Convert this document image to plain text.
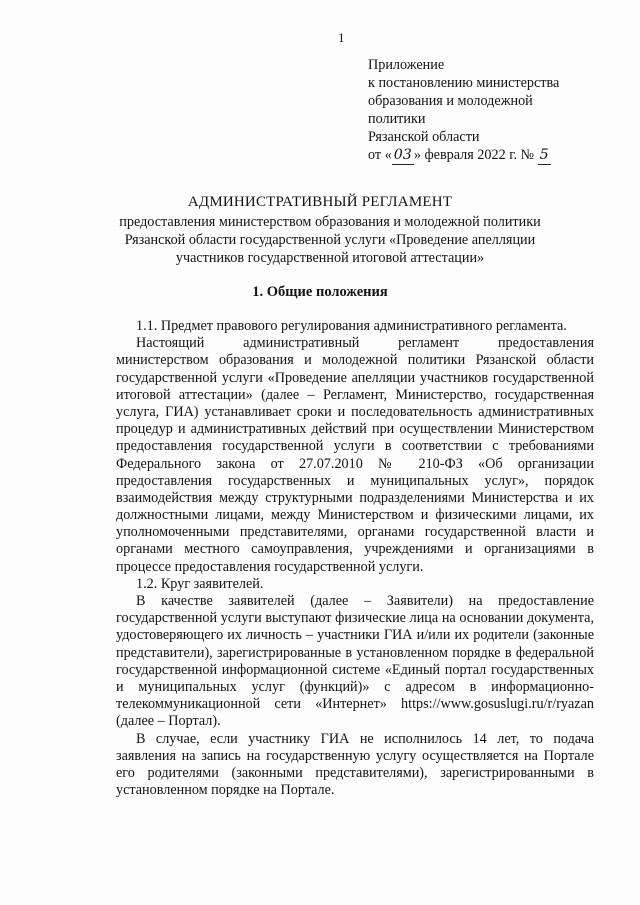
1
Приложение
к постановлению министерства
образования и молодежной
политики
Рязанской области
от « 03 » февраля 2022 г. № 5
АДМИНИСТРАТИВНЫЙ РЕГЛАМЕНТ
предоставления министерством образования и молодежной политики
Рязанской области государственной услуги «Проведение апелляции
участников государственной итоговой аттестации»
1. Общие положения
1.1. Предмет правового регулирования административного регламента.
Настоящий административный регламент предоставления
министерством образования и молодежной политики Рязанской области
государственной услуги «Проведение апелляции участников государственной
итоговой аттестации» (далее – Регламент, Министерство, государственная
услуга, ГИА) устанавливает сроки и последовательность административных
процедур и административных действий при осуществлении Министерством
предоставления государственной услуги в соответствии с требованиями
Федерального закона от 27.07.2010 № 210-ФЗ «Об организации
предоставления государственных и муниципальных услуг», порядок
взаимодействия между структурными подразделениями Министерства и их
должностными лицами, между Министерством и физическими лицами, их
уполномоченными представителями, органами государственной власти и
органами местного самоуправления, учреждениями и организациями в
процессе предоставления государственной услуги.
1.2. Круг заявителей.
В качестве заявителей (далее – Заявители) на предоставление
государственной услуги выступают физические лица на основании документа,
удостоверяющего их личность – участники ГИА и/или их родители (законные
представители), зарегистрированные в установленном порядке в федеральной
государственной информационной системе «Единый портал государственных
и муниципальных услуг (функций)» с адресом в информационно-
телекоммуникационной сети «Интернет» https://www.gosuslugi.ru/r/ryazan
(далее – Портал).
В случае, если участнику ГИА не исполнилось 14 лет, то подача
заявления на запись на государственную услугу осуществляется на Портале
его родителями (законными представителями), зарегистрированными в
установленном порядке на Портале.
